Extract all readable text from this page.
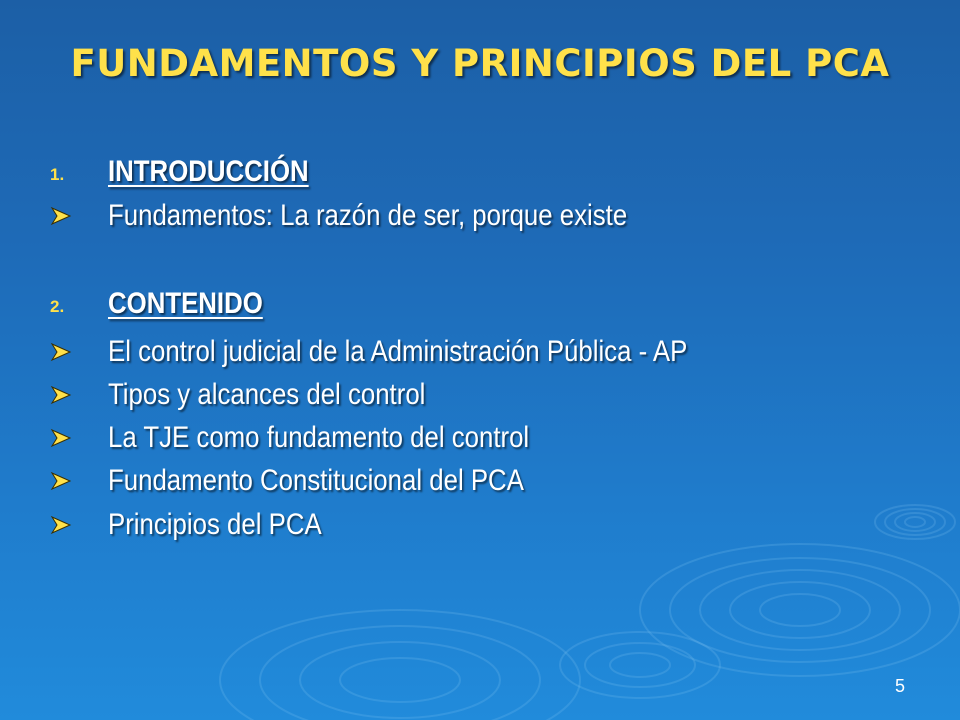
FUNDAMENTOS Y PRINCIPIOS DEL PCA
1.	INTRODUCCIÓN
Fundamentos: La razón de ser, porque existe
2.	CONTENIDO
El control judicial de la Administración Pública - AP
Tipos y alcances del control
La TJE como fundamento del control
Fundamento Constitucional del PCA
Principios del PCA
5
